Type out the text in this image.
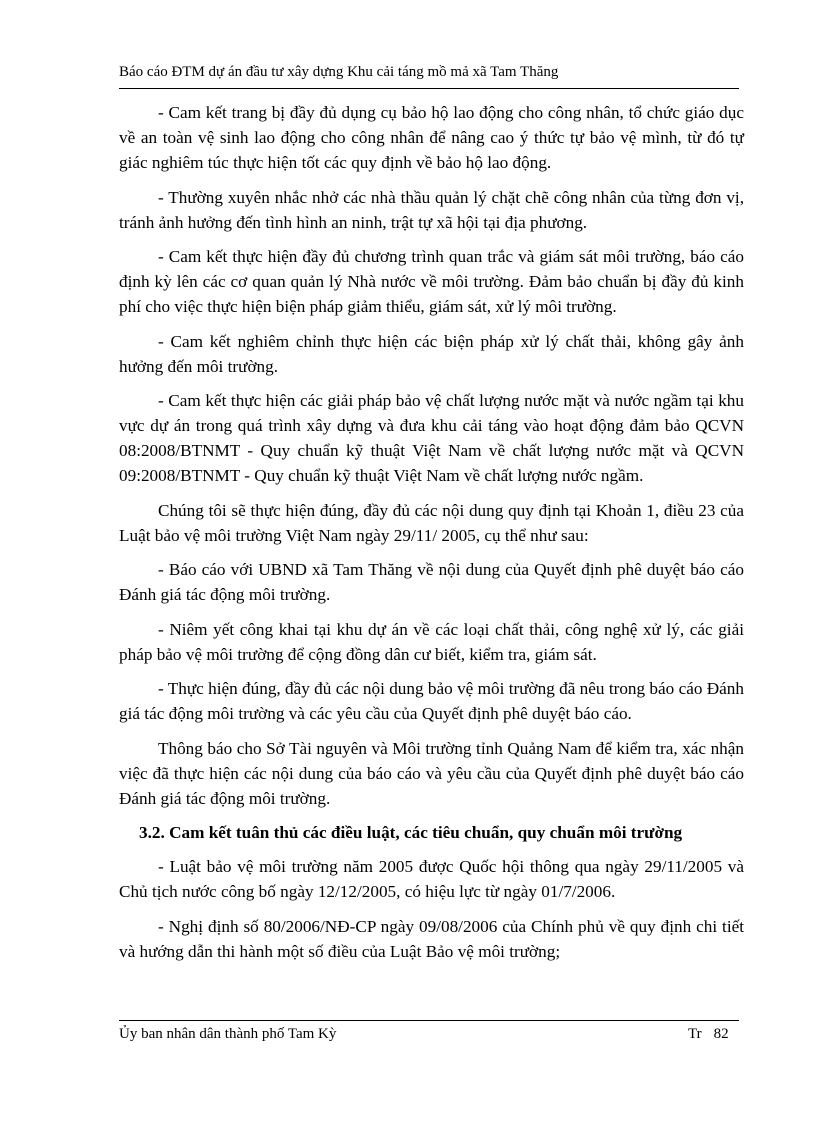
Báo cáo ĐTM dự án đầu tư xây dựng Khu cải táng mồ mả xã Tam Thăng

- Cam kết trang bị đầy đủ dụng cụ bảo hộ lao động cho công nhân, tổ chức giáo dục về an toàn vệ sinh lao động cho công nhân để nâng cao ý thức tự bảo vệ mình, từ đó tự giác nghiêm túc thực hiện tốt các quy định về bảo hộ lao động.

- Thường xuyên nhắc nhở các nhà thầu quản lý chặt chẽ công nhân của từng đơn vị, tránh ảnh hưởng đến tình hình an ninh, trật tự xã hội tại địa phương.

- Cam kết thực hiện đầy đủ chương trình quan trắc và giám sát môi trường, báo cáo định kỳ lên các cơ quan quản lý Nhà nước về môi trường. Đảm bảo chuẩn bị đầy đủ kinh phí cho việc thực hiện biện pháp giảm thiểu, giám sát, xử lý môi trường.

- Cam kết nghiêm chỉnh thực hiện các biện pháp xử lý chất thải, không gây ảnh hưởng đến môi trường.

- Cam kết thực hiện các giải pháp bảo vệ chất lượng nước mặt và nước ngầm tại khu vực dự án trong quá trình xây dựng và đưa khu cải táng vào hoạt động đảm bảo QCVN 08:2008/BTNMT - Quy chuẩn kỹ thuật Việt Nam về chất lượng nước mặt và QCVN 09:2008/BTNMT - Quy chuẩn kỹ thuật Việt Nam về chất lượng nước ngầm.

Chúng tôi sẽ thực hiện đúng, đầy đủ các nội dung quy định tại Khoản 1, điều 23 của Luật bảo vệ môi trường Việt Nam ngày 29/11/ 2005, cụ thể như sau:

- Báo cáo với UBND xã Tam Thăng về nội dung của Quyết định phê duyệt báo cáo Đánh giá tác động môi trường.

- Niêm yết công khai tại khu dự án về các loại chất thải, công nghệ xử lý, các giải pháp bảo vệ môi trường để cộng đồng dân cư biết, kiểm tra, giám sát.

- Thực hiện đúng, đầy đủ các nội dung bảo vệ môi trường đã nêu trong báo cáo Đánh giá tác động môi trường và các yêu cầu của Quyết định phê duyệt báo cáo.

Thông báo cho Sở Tài nguyên và Môi trường tỉnh Quảng Nam để kiểm tra, xác nhận việc đã thực hiện các nội dung của báo cáo và yêu cầu của Quyết định phê duyệt báo cáo Đánh giá tác động môi trường.

3.2. Cam kết tuân thủ các điều luật, các tiêu chuẩn, quy chuẩn môi trường

- Luật bảo vệ môi trường năm 2005 được Quốc hội thông qua ngày 29/11/2005 và Chủ tịch nước công bố ngày 12/12/2005, có hiệu lực từ ngày 01/7/2006.

- Nghị định số 80/2006/NĐ-CP ngày 09/08/2006 của Chính phủ về quy định chi tiết và hướng dẫn thi hành một số điều của Luật Bảo vệ môi trường;

Ủy ban nhân dân thành phố Tam Kỳ	Tr 82
